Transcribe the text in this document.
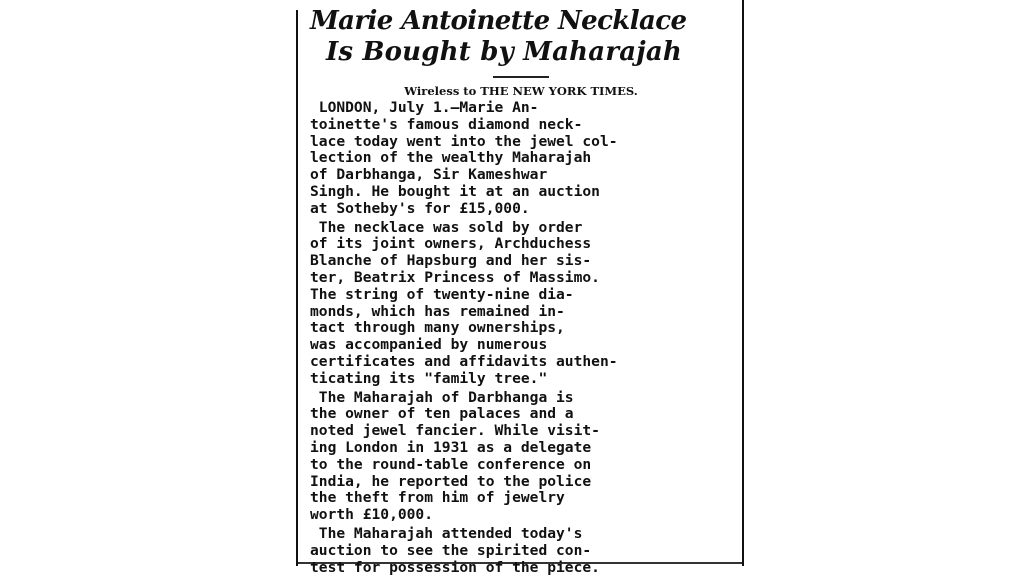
Marie Antoinette Necklace
Is Bought by Maharajah

Wireless to THE NEW YORK TIMES.

LONDON, July 1.—Marie An-
toinette's famous diamond neck-
lace today went into the jewel col-
lection of the wealthy Maharajah
of Darbhanga, Sir Kameshwar
Singh. He bought it at an auction
at Sotheby's for £15,000.

The necklace was sold by order
of its joint owners, Archduchess
Blanche of Hapsburg and her sis-
ter, Beatrix Princess of Massimo.
The string of twenty-nine dia-
monds, which has remained in-
tact through many ownerships,
was accompanied by numerous
certificates and affidavits authen-
ticating its "family tree."

The Maharajah of Darbhanga is
the owner of ten palaces and a
noted jewel fancier. While visit-
ing London in 1931 as a delegate
to the round-table conference on
India, he reported to the police
the theft from him of jewelry
worth £10,000.

The Maharajah attended today's
auction to see the spirited con-
test for possession of the piece.
